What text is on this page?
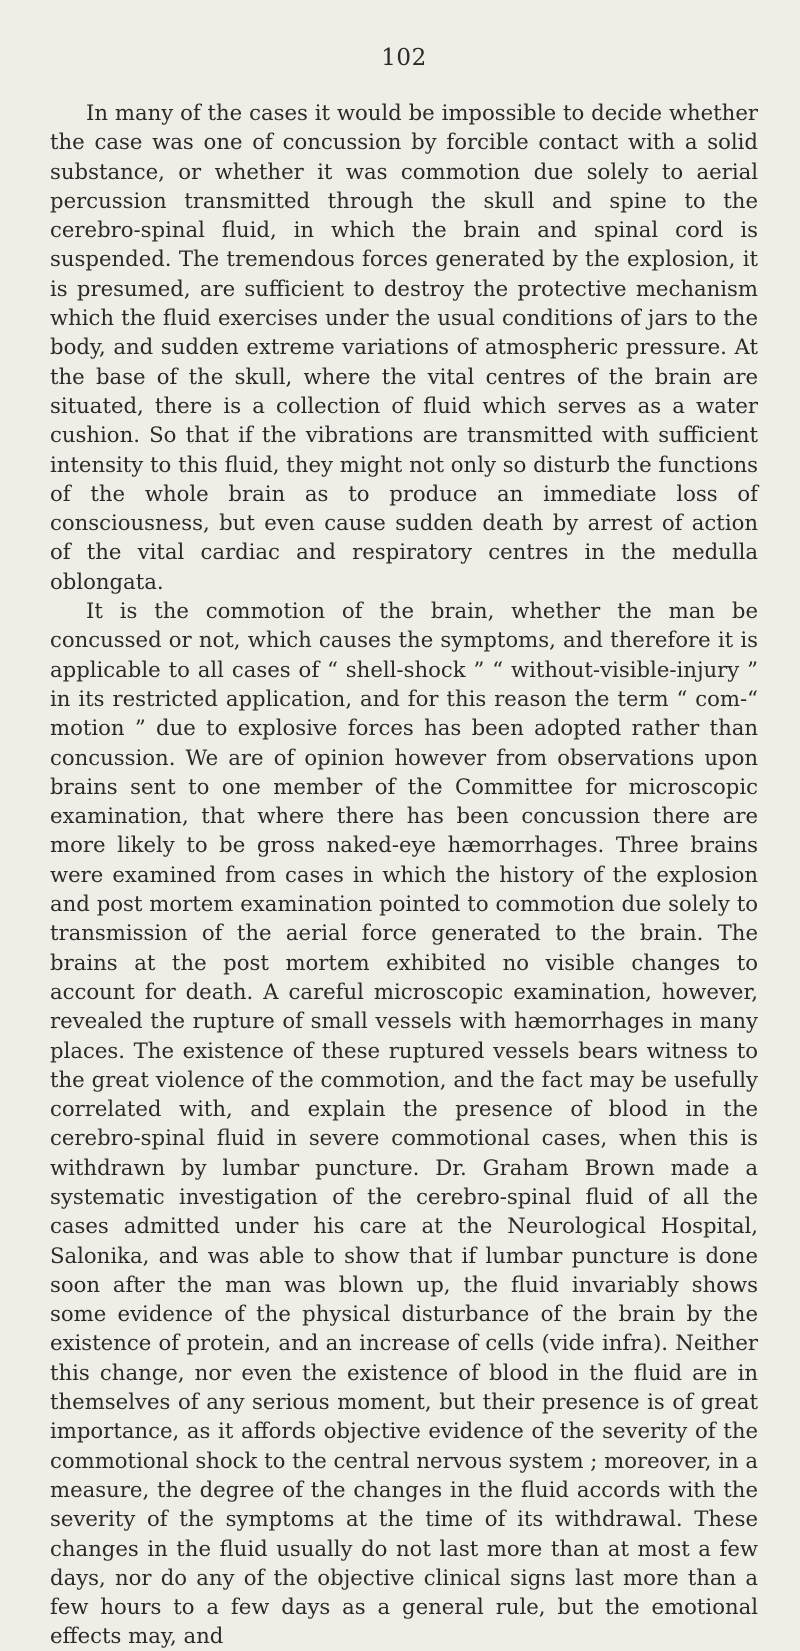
102

In many of the cases it would be impossible to decide whether the case was one of concussion by forcible contact with a solid substance, or whether it was commotion due solely to aerial percussion transmitted through the skull and spine to the cerebro-spinal fluid, in which the brain and spinal cord is suspended. The tremendous forces generated by the explosion, it is presumed, are sufficient to destroy the protective mechanism which the fluid exercises under the usual conditions of jars to the body, and sudden extreme variations of atmospheric pressure. At the base of the skull, where the vital centres of the brain are situated, there is a collection of fluid which serves as a water cushion. So that if the vibrations are transmitted with sufficient intensity to this fluid, they might not only so disturb the functions of the whole brain as to produce an immediate loss of consciousness, but even cause sudden death by arrest of action of the vital cardiac and respiratory centres in the medulla oblongata.

It is the commotion of the brain, whether the man be concussed or not, which causes the symptoms, and therefore it is applicable to all cases of “ shell-shock ” “ without-visible-injury ” in its restricted application, and for this reason the term “ com-“ motion ” due to explosive forces has been adopted rather than concussion. We are of opinion however from observations upon brains sent to one member of the Committee for microscopic examination, that where there has been concussion there are more likely to be gross naked-eye hæmorrhages. Three brains were examined from cases in which the history of the explosion and post mortem examination pointed to commotion due solely to transmission of the aerial force generated to the brain. The brains at the post mortem exhibited no visible changes to account for death. A careful microscopic examination, however, revealed the rupture of small vessels with hæmorrhages in many places. The existence of these ruptured vessels bears witness to the great violence of the commotion, and the fact may be usefully correlated with, and explain the presence of blood in the cerebro-spinal fluid in severe commotional cases, when this is withdrawn by lumbar puncture. Dr. Graham Brown made a systematic investigation of the cerebro-spinal fluid of all the cases admitted under his care at the Neurological Hospital, Salonika, and was able to show that if lumbar puncture is done soon after the man was blown up, the fluid invariably shows some evidence of the physical disturbance of the brain by the existence of protein, and an increase of cells (vide infra). Neither this change, nor even the existence of blood in the fluid are in themselves of any serious moment, but their presence is of great importance, as it affords objective evidence of the severity of the commotional shock to the central nervous system ; moreover, in a measure, the degree of the changes in the fluid accords with the severity of the symptoms at the time of its withdrawal. These changes in the fluid usually do not last more than at most a few days, nor do any of the objective clinical signs last more than a few hours to a few days as a general rule, but the emotional effects may, and
